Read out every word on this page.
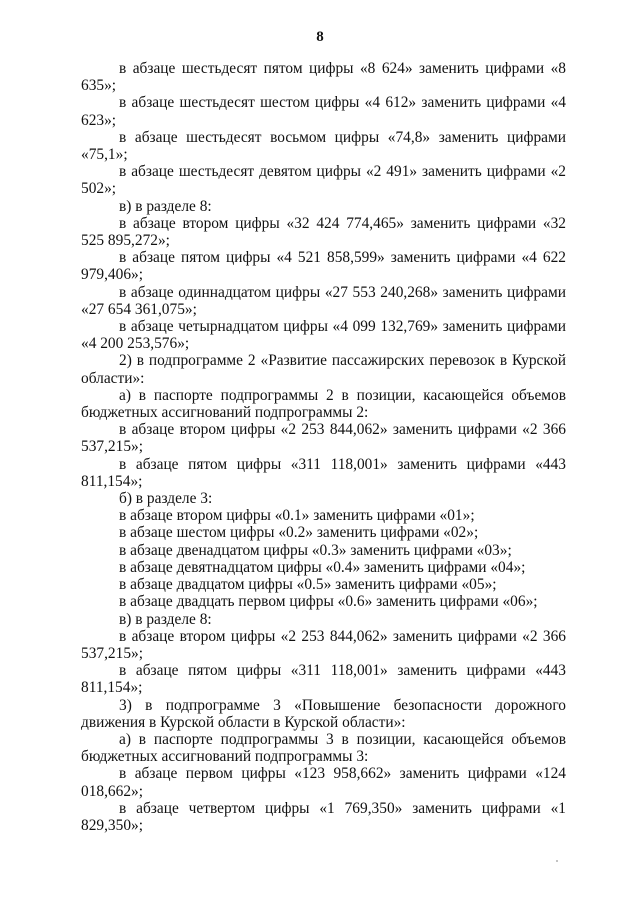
8

в абзаце шестьдесят пятом цифры «8 624» заменить цифрами «8 635»;

в абзаце шестьдесят шестом цифры «4 612» заменить цифрами «4 623»;

в абзаце шестьдесят восьмом цифры «74,8» заменить цифрами «75,1»;

в абзаце шестьдесят девятом цифры «2 491» заменить цифрами «2 502»;

в) в разделе 8:

в абзаце втором цифры «32 424 774,465» заменить цифрами «32 525 895,272»;

в абзаце пятом цифры «4 521 858,599» заменить цифрами «4 622 979,406»;

в абзаце одиннадцатом цифры «27 553 240,268» заменить цифрами «27 654 361,075»;

в абзаце четырнадцатом цифры «4 099 132,769» заменить цифрами «4 200 253,576»;

2) в подпрограмме 2 «Развитие пассажирских перевозок в Курской области»:

а) в паспорте подпрограммы 2 в позиции, касающейся объемов бюджетных ассигнований подпрограммы 2:

в абзаце втором цифры «2 253 844,062» заменить цифрами «2 366 537,215»;

в абзаце пятом цифры «311 118,001» заменить цифрами «443 811,154»;

б) в разделе 3:

в абзаце втором цифры «0.1» заменить цифрами «01»;

в абзаце шестом цифры «0.2» заменить цифрами «02»;

в абзаце двенадцатом цифры «0.3» заменить цифрами «03»;

в абзаце девятнадцатом цифры «0.4» заменить цифрами «04»;

в абзаце двадцатом цифры «0.5» заменить цифрами «05»;

в абзаце двадцать первом цифры «0.6» заменить цифрами «06»;

в) в разделе 8:

в абзаце втором цифры «2 253 844,062» заменить цифрами «2 366 537,215»;

в абзаце пятом цифры «311 118,001» заменить цифрами «443 811,154»;

3) в подпрограмме 3 «Повышение безопасности дорожного движения в Курской области в Курской области»:

а) в паспорте подпрограммы 3 в позиции, касающейся объемов бюджетных ассигнований подпрограммы 3:

в абзаце первом цифры «123 958,662» заменить цифрами «124 018,662»;

в абзаце четвертом цифры «1 769,350» заменить цифрами «1 829,350»;
